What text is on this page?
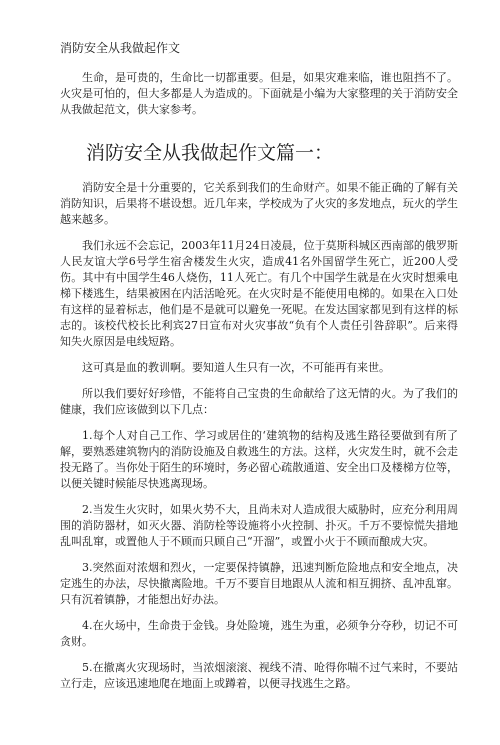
消防安全从我做起作文

生命，是可贵的，生命比一切都重要。但是，如果灾难来临，谁也阻挡不了。火灾是可怕的，但大多都是人为造成的。下面就是小编为大家整理的关于消防安全从我做起范文，供大家参考。

消防安全从我做起作文篇一：

消防安全是十分重要的，它关系到我们的生命财产。如果不能正确的了解有关消防知识，后果将不堪设想。近几年来，学校成为了火灾的多发地点，玩火的学生越来越多。

我们永远不会忘记，2003年11月24日凌晨，位于莫斯科城区西南部的俄罗斯人民友谊大学6号学生宿舍楼发生火灾，造成41名外国留学生死亡，近200人受伤。其中有中国学生46人烧伤，11人死亡。有几个中国学生就是在火灾时想乘电梯下楼逃生，结果被困在内活活呛死。在火灾时是不能使用电梯的。如果在入口处有这样的显着标志，他们是不是就可以避免一死呢。在发达国家都见到有这样的标志的。该校代校长比利宾27日宣布对火灾事故“负有个人责任引咎辞职”。后来得知失火原因是电线短路。

这可真是血的教训啊。要知道人生只有一次，不可能再有来世。

所以我们要好好珍惜，不能将自己宝贵的生命献给了这无情的火。为了我们的健康，我们应该做到以下几点：

1.每个人对自己工作、学习或居住的‘建筑物的结构及逃生路径要做到有所了解，要熟悉建筑物内的消防设施及自救逃生的方法。这样，火灾发生时，就不会走投无路了。当你处于陌生的环境时，务必留心疏散通道、安全出口及楼梯方位等，以便关键时候能尽快逃离现场。

2.当发生火灾时，如果火势不大，且尚未对人造成很大威胁时，应充分利用周围的消防器材，如灭火器、消防栓等设施将小火控制、扑灭。千万不要惊慌失措地乱叫乱窜，或置他人于不顾而只顾自己“开溜”，或置小火于不顾而酿成大灾。

3.突然面对浓烟和烈火，一定要保持镇静，迅速判断危险地点和安全地点，决定逃生的办法，尽快撤离险地。千万不要盲目地跟从人流和相互拥挤、乱冲乱窜。只有沉着镇静，才能想出好办法。

4.在火场中，生命贵于金钱。身处险境，逃生为重，必须争分夺秒，切记不可贪财。

5.在撤离火灾现场时，当浓烟滚滚、视线不清、呛得你喘不过气来时，不要站立行走，应该迅速地爬在地面上或蹲着，以便寻找逃生之路。
